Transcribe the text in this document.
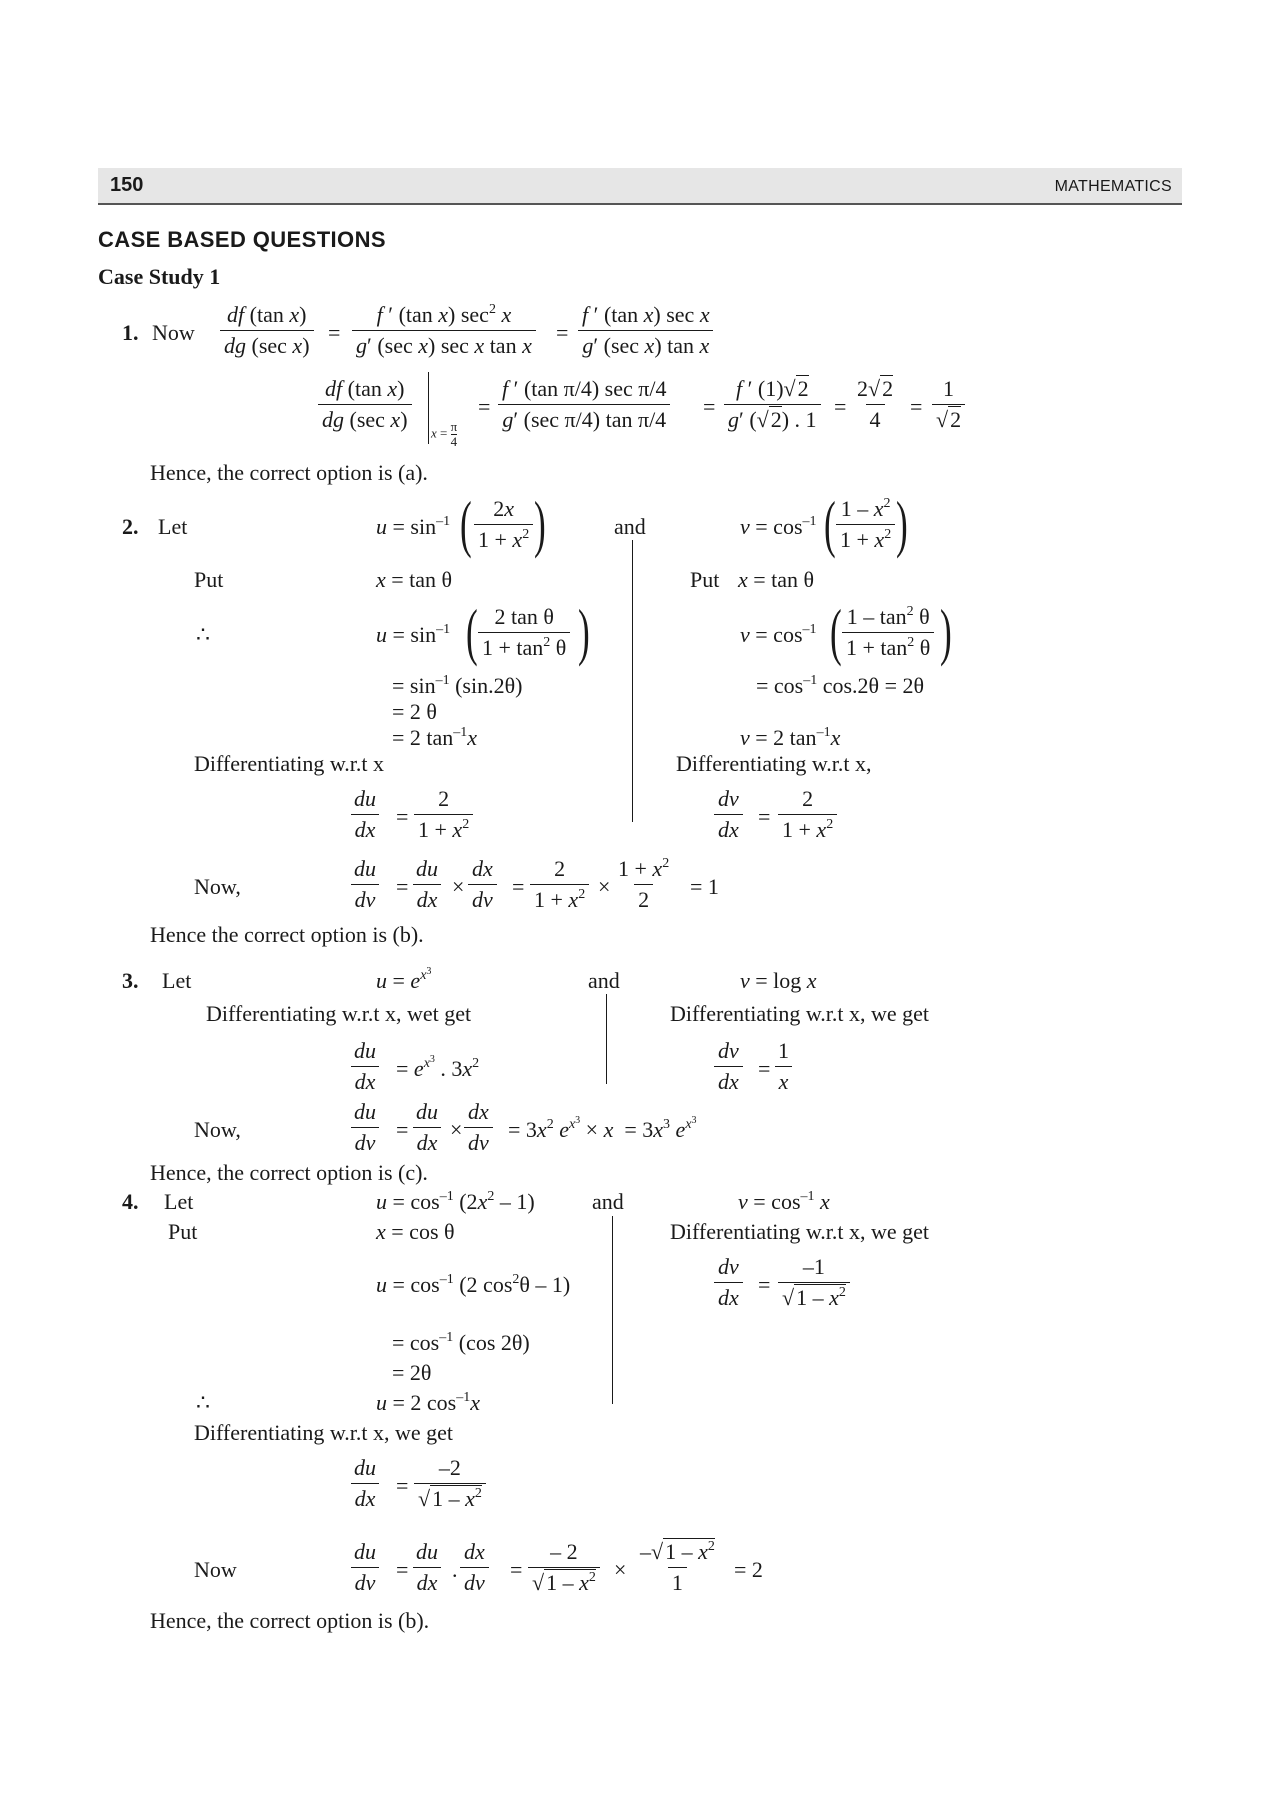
150	MATHEMATICS
CASE BASED QUESTIONS
Case Study 1
1. Now
df (tan x)
dg (sec x)
=
f ′ (tan x) $\sec^2 x$
g′ (sec x) sec x tan x
=
f ′ (tan x) sec x
g′ (sec x) tan x
df (tan x)
dg (sec x)
$x = \frac{\pi}{4}$
=
f ′ (tan π/4) sec π/4
g′ (sec π/4) tan π/4
= $\frac{f ' (1)√2}{g' (√2) . 1} = \frac{2√2}{4} = \frac{1}{√2}$
Hence, the correct option is (a).
2. Let	$u = \sin^{-1}$ ( $\frac{2x}{1 + x^2}$ )	and	$v = \cos^{-1}$ ( $\frac{1 - x^2}{1 + x^2}$ )
Put	x = tan θ	Put x = tan θ
∴	$u = \sin^{-1}$ ( $\frac{\text{2 tan θ}}{1 + \tan^2 \theta}$ )	$v = \cos^{-1}$ ( $\frac{1 - \tan^2 \theta}{1 + \tan^2 \theta}$ )
= $\sin^{-1} (\sin.2\theta)$	= $\cos^{-1} \cos.2\theta = 2\theta$
= 2 θ
= 2 $\tan^{-1}x$	v = 2 $\tan^{-1}x$
Differentiating w.r.t x	Differentiating w.r.t x,
$\frac{du}{dx} = \frac{2}{1 + x^2}$	$\frac{dv}{dx} = \frac{2}{1 + x^2}$
Now,	$\frac{du}{dv} = \frac{du}{dx} \times \frac{dx}{dv} = \frac{2}{1 + x^2} \times \frac{1 + x^2}{2} = 1$
Hence the correct option is (b).
3. Let	$u = e^{x^3}$	and	v = log x
Differentiating w.r.t x, wet get	Differentiating w.r.t x, we get
$\frac{du}{dx} = e^{x^3}$ . $3x^2$	$\frac{dv}{dx} = \frac{1}{x}$
Now,	$\frac{du}{dv} = \frac{du}{dx} \times \frac{dx}{dv} = 3x^2$ $e^{x^3} \times x = 3x^3$ $e^{x^3}$
Hence, the correct option is (c).
4. Let	$u = \cos^{-1} (2x^2 - 1)$	and	$v = \cos^{-1} x$
Put	x = cos θ	Differentiating w.r.t x, we get
$u = \cos^{-1} (2$ $\cos^2\theta - 1$)	$\frac{dv}{dx} = \frac{-1}{√1 - x^2}$
= $\cos^{-1} (\cos$ 2θ)
= 2θ
∴	u = 2 $\cos^{-1}x$
Differentiating w.r.t x, we get
$\frac{du}{dx} = \frac{-2}{√1 - x^2}$
Now	$\frac{du}{dv} = \frac{du}{dx}$ . $\frac{dx}{dv} = \frac{- 2}{√1 - x^2} \times \frac{-√1 - x^2}{1} = 2$
Hence, the correct option is (b).
